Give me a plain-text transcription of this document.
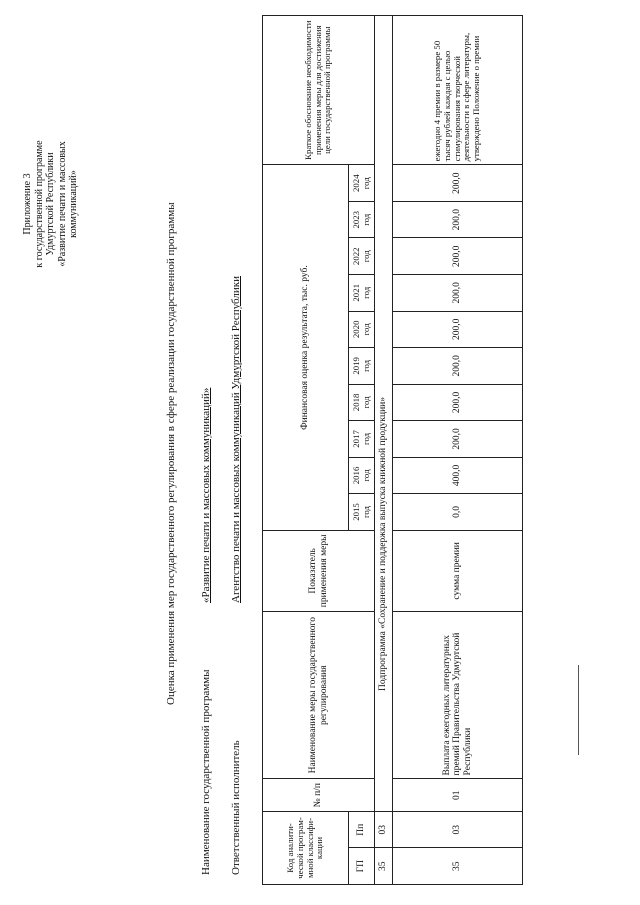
Приложение 3 к государственной программе Удмуртской Республики «Развитие печати и массовых коммуникаций»	Оценка применения мер государственного регулирования в сфере реализации государственной программы
Наименование государственной программы
«Развитие печати и массовых коммуникаций»
Ответственный исполнитель
Агентство печати и массовых коммуникаций Удмуртской Республики
Код аналити-ческой програм-мной классифи-кации		№ п/п	Наименование меры государственного регулирования	Показатель применения меры	Финансовая оценка результата, тыс. руб.										Краткое обоснование необходимости применения меры для достижения цели государственной программы
ГП	Пп				2015 год	2016 год	2017 год	2018 год	2019 год	2020 год	2021 год	2022 год	2023 год	2024 год	
35	03	Подпрограмма «Сохранение и поддержка выпуска книжной продукции»													
35	03	01	Выплата ежегодных литературных премий Правительства Удмуртской Республики	сумма премии	0,0	400,0	200,0	200,0	200,0	200,0	200,0	200,0	200,0	200,0	ежегодно 4 премии в размере 50 тысяч рублей каждая с целью стимулирования творческой деятельности в сфере литературы, утверждено Положение о премии
